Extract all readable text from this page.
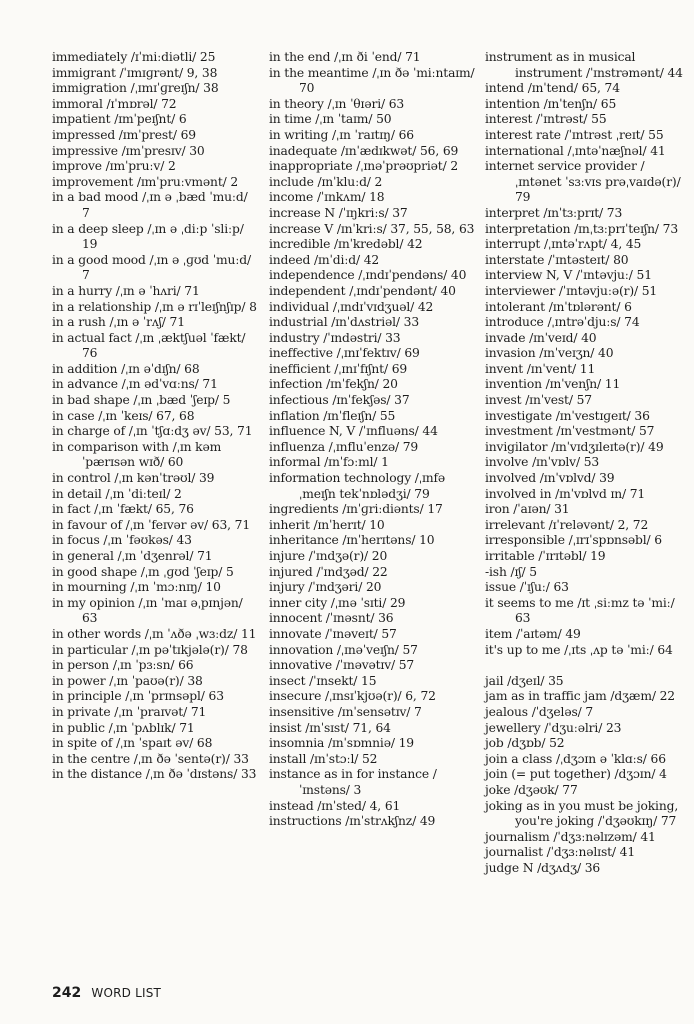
immediately /ɪˈmiːdiətli/ 25
immigrant /ˈɪmɪɡrənt/ 9, 38
immigration /ˌɪmɪˈɡreɪʃn/ 38
immoral /ɪˈmɒrəl/ 72
impatient /ɪmˈpeɪʃnt/ 6
impressed /ɪmˈprest/ 69
impressive /ɪmˈpresɪv/ 30
improve /ɪmˈpruːv/ 2
improvement /ɪmˈpruːvmənt/ 2
in a bad mood /ˌɪn ə ˌbæd ˈmuːd/ 7
in a deep sleep /ˌɪn ə ˌdiːp ˈsliːp/ 19
in a good mood /ˌɪn ə ˌɡʊd ˈmuːd/ 7
in a hurry /ˌɪn ə ˈhʌri/ 71
in a relationship /ˌɪn ə rɪˈleɪʃnʃɪp/ 8
in a rush /ˌɪn ə ˈrʌʃ/ 71
in actual fact /ˌɪn ˌæktʃuəl ˈfækt/ 76
in addition /ˌɪn əˈdɪʃn/ 68
in advance /ˌɪn ədˈvɑːns/ 71
in bad shape /ˌɪn ˌbæd ˈʃeɪp/ 5
in case /ˌɪn ˈkeɪs/ 67, 68
in charge of /ˌɪn ˈtʃɑːdʒ əv/ 53, 71
in comparison with /ˌɪn kəmˈpærɪsən wɪð/ 60
in control /ˌɪn kənˈtrəʊl/ 39
in detail /ˌɪn ˈdiːteɪl/ 2
in fact /ˌɪn ˈfækt/ 65, 76
in favour of /ˌɪn ˈfeɪvər əv/ 63, 71
in focus /ˌɪn ˈfəʊkəs/ 43
in general /ˌɪn ˈdʒenrəl/ 71
in good shape /ˌɪn ˌɡʊd ˈʃeɪp/ 5
in mourning /ˌɪn ˈmɔːnɪŋ/ 10
in my opinion /ˌɪn ˈmaɪ əˌpɪnjən/ 63
in other words /ˌɪn ˈʌðə ˌwɜːdz/ 11
in particular /ˌɪn pəˈtɪkjələ(r)/ 78
in person /ˌɪn ˈpɜːsn/ 66
in power /ˌɪn ˈpaʊə(r)/ 38
in principle /ˌɪn ˈprɪnsəpl/ 63
in private /ˌɪn ˈpraɪvət/ 71
in public /ˌɪn ˈpʌblɪk/ 71
in spite of /ˌɪn ˈspaɪt əv/ 68
in the centre /ˌɪn ðə ˈsentə(r)/ 33
in the distance /ˌɪn ðə ˈdɪstəns/ 33
in the end /ˌɪn ði ˈend/ 71
in the meantime /ˌɪn ðə ˈmiːntaɪm/ 70
in theory /ˌɪn ˈθɪəri/ 63
in time /ˌɪn ˈtaɪm/ 50
in writing /ˌɪn ˈraɪtɪŋ/ 66
inadequate /ɪnˈædɪkwət/ 56, 69
inappropriate /ˌɪnəˈprəʊpriət/ 2
include /ɪnˈkluːd/ 2
income /ˈɪnkʌm/ 18
increase N /ˈɪŋkriːs/ 37
increase V /ɪnˈkriːs/ 37, 55, 58, 63
incredible /ɪnˈkredəbl/ 42
indeed /ɪnˈdiːd/ 42
independence /ˌɪndɪˈpendəns/ 40
independent /ˌɪndɪˈpendənt/ 40
individual /ˌɪndɪˈvɪdʒuəl/ 42
industrial /ɪnˈdʌstriəl/ 33
industry /ˈɪndəstri/ 33
ineffective /ˌɪnɪˈfektɪv/ 69
inefficient /ˌɪnɪˈfɪʃnt/ 69
infection /ɪnˈfekʃn/ 20
infectious /ɪnˈfekʃəs/ 37
inflation /ɪnˈfleɪʃn/ 55
influence N, V /ˈɪnfluəns/ 44
influenza /ˌɪnfluˈenzə/ 79
informal /ɪnˈfɔːml/ 1
information technology /ˌɪnfəˌmeɪʃn tekˈnɒlədʒi/ 79
ingredients /ɪnˈɡriːdiənts/ 17
inherit /ɪnˈherɪt/ 10
inheritance /ɪnˈherɪtəns/ 10
injure /ˈɪndʒə(r)/ 20
injured /ˈɪndʒəd/ 22
injury /ˈɪndʒəri/ 20
inner city /ˌɪnə ˈsɪti/ 29
innocent /ˈɪnəsnt/ 36
innovate /ˈɪnəveɪt/ 57
innovation /ˌɪnəˈveɪʃn/ 57
innovative /ˈɪnəvətɪv/ 57
insect /ˈɪnsekt/ 15
insecure /ˌɪnsɪˈkjʊə(r)/ 6, 72
insensitive /ɪnˈsensətɪv/ 7
insist /ɪnˈsɪst/ 71, 64
insomnia /ɪnˈsɒmniə/ 19
install /ɪnˈstɔːl/ 52
instance as in for instance /ˈɪnstəns/ 3
instead /ɪnˈsted/ 4, 61
instructions /ɪnˈstrʌkʃnz/ 49
instrument as in musical instrument /ˈɪnstrəmənt/ 44
intend /ɪnˈtend/ 65, 74
intention /ɪnˈtenʃn/ 65
interest /ˈɪntrəst/ 55
interest rate /ˈɪntrəst ˌreɪt/ 55
international /ˌɪntəˈnæʃnəl/ 41
internet service provider /ˌɪntənet ˈsɜːvɪs prəˌvaɪdə(r)/ 79
interpret /ɪnˈtɜːprɪt/ 73
interpretation /ɪnˌtɜːprɪˈteɪʃn/ 73
interrupt /ˌɪntəˈrʌpt/ 4, 45
interstate /ˈɪntəsteɪt/ 80
interview N, V /ˈɪntəvjuː/ 51
interviewer /ˈɪntəvjuːə(r)/ 51
intolerant /ɪnˈtɒlərənt/ 6
introduce /ˌɪntrəˈdjuːs/ 74
invade /ɪnˈveɪd/ 40
invasion /ɪnˈveɪʒn/ 40
invent /ɪnˈvent/ 11
invention /ɪnˈvenʃn/ 11
invest /ɪnˈvest/ 57
investigate /ɪnˈvestɪɡeɪt/ 36
investment /ɪnˈvestmənt/ 57
invigilator /ɪnˈvɪdʒɪleɪtə(r)/ 49
involve /ɪnˈvɒlv/ 53
involved /ɪnˈvɒlvd/ 39
involved in /ɪnˈvɒlvd ɪn/ 71
iron /ˈaɪən/ 31
irrelevant /ɪˈreləvənt/ 2, 72
irresponsible /ˌɪrɪˈspɒnsəbl/ 6
irritable /ˈɪrɪtəbl/ 19
-ish /ɪʃ/ 5
issue /ˈɪʃuː/ 63
it seems to me /ɪt ˌsiːmz tə ˈmiː/ 63
item /ˈaɪtəm/ 49
it's up to me /ˌɪts ˌʌp tə ˈmiː/ 64
jail /dʒeɪl/ 35
jam as in traffic jam /dʒæm/ 22
jealous /ˈdʒeləs/ 7
jewellery /ˈdʒuːəlri/ 23
job /dʒɒb/ 52
join a class /ˌdʒɔɪn ə ˈklɑːs/ 66
join (= put together) /dʒɔɪn/ 4
joke /dʒəʊk/ 77
joking as in you must be joking, you're joking /ˈdʒəʊkɪŋ/ 77
journalism /ˈdʒɜːnəlɪzəm/ 41
journalist /ˈdʒɜːnəlɪst/ 41
judge N /dʒʌdʒ/ 36
242 WORD LIST
